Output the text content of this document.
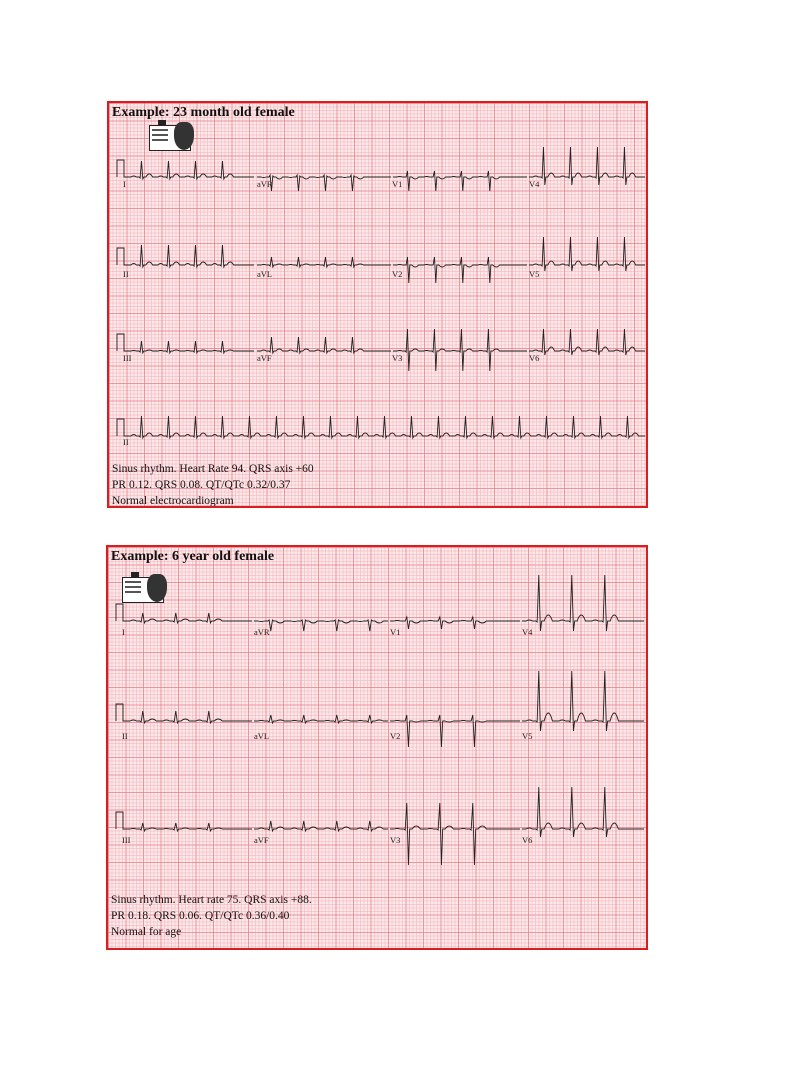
Example: 23 month old female
I	aVR	V1	V4
II	aVL	V2	V5
III	aVF	V3	V6
II
Sinus rhythm. Heart Rate 94. QRS axis +60
PR 0.12. QRS 0.08. QT/QTc 0.32/0.37
Normal electrocardiogram
Example: 6 year old female
I	aVR	V1	V4
II	aVL	V2	V5
III	aVF	V3	V6
Sinus rhythm. Heart rate 75. QRS axis +88.
PR 0.18. QRS 0.06. QT/QTc 0.36/0.40
Normal for age
